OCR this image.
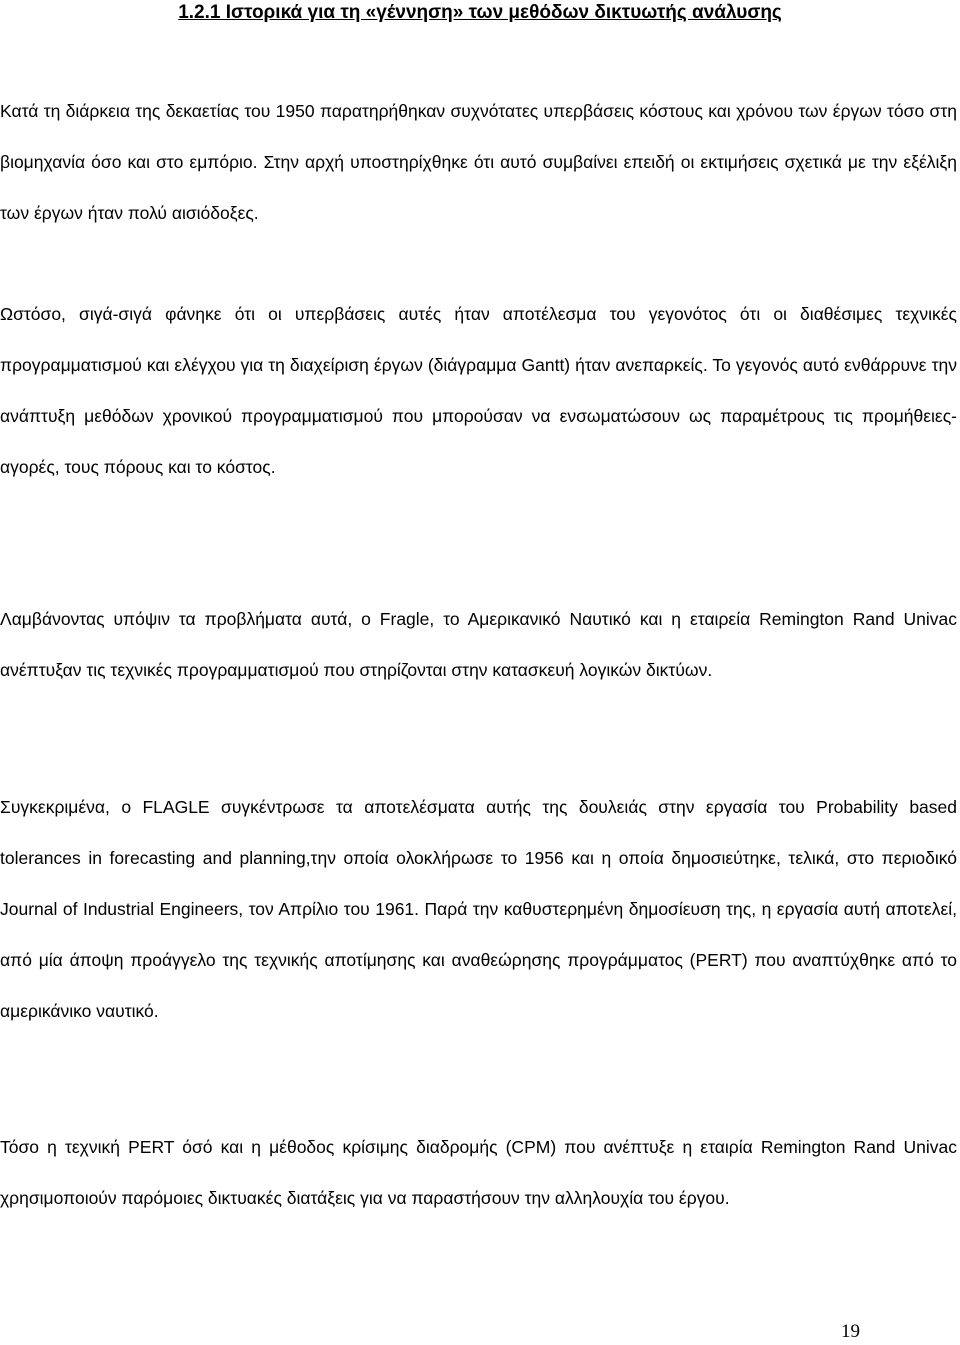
1.2.1 Ιστορικά για τη «γέννηση» των μεθόδων δικτυωτής ανάλυσης

Κατά τη διάρκεια της δεκαετίας του 1950 παρατηρήθηκαν συχνότατες υπερβάσεις κόστους και χρόνου των έργων τόσο στη βιομηχανία όσο και στο εμπόριο. Στην αρχή υποστηρίχθηκε ότι αυτό συμβαίνει επειδή οι εκτιμήσεις σχετικά με την εξέλιξη των έργων ήταν πολύ αισιόδοξες.

Ωστόσο, σιγά-σιγά φάνηκε ότι οι υπερβάσεις αυτές ήταν αποτέλεσμα του γεγονότος ότι οι διαθέσιμες τεχνικές προγραμματισμού και ελέγχου για τη διαχείριση έργων (διάγραμμα Gantt) ήταν ανεπαρκείς. Το γεγονός αυτό ενθάρρυνε την ανάπτυξη μεθόδων χρονικού προγραμματισμού που μπορούσαν να ενσωματώσουν ως παραμέτρους τις προμήθειες-αγορές, τους πόρους και το κόστος.

Λαμβάνοντας υπόψιν τα προβλήματα αυτά, ο Fragle, το Αμερικανικό Ναυτικό και η εταιρεία Remington Rand Univac ανέπτυξαν τις τεχνικές προγραμματισμού που στηρίζονται στην κατασκευή λογικών δικτύων.

Συγκεκριμένα, ο FLAGLE συγκέντρωσε τα αποτελέσματα αυτής της δουλειάς στην εργασία του Probability based tolerances in forecasting and planning,την οποία ολοκλήρωσε το 1956 και η οποία δημοσιεύτηκε, τελικά, στο περιοδικό Journal of Industrial Engineers, τον Απρίλιο του 1961. Παρά την καθυστερημένη δημοσίευση της, η εργασία αυτή αποτελεί, από μία άποψη προάγγελο της τεχνικής αποτίμησης και αναθεώρησης προγράμματος (PERT) που αναπτύχθηκε από το αμερικάνικο ναυτικό.

Τόσο η τεχνική PERT όσό και η μέθοδος κρίσιμης διαδρομής (CPM) που ανέπτυξε η εταιρία Remington Rand Univac χρησιμοποιούν παρόμοιες δικτυακές διατάξεις για να παραστήσουν την αλληλουχία του έργου.

19
